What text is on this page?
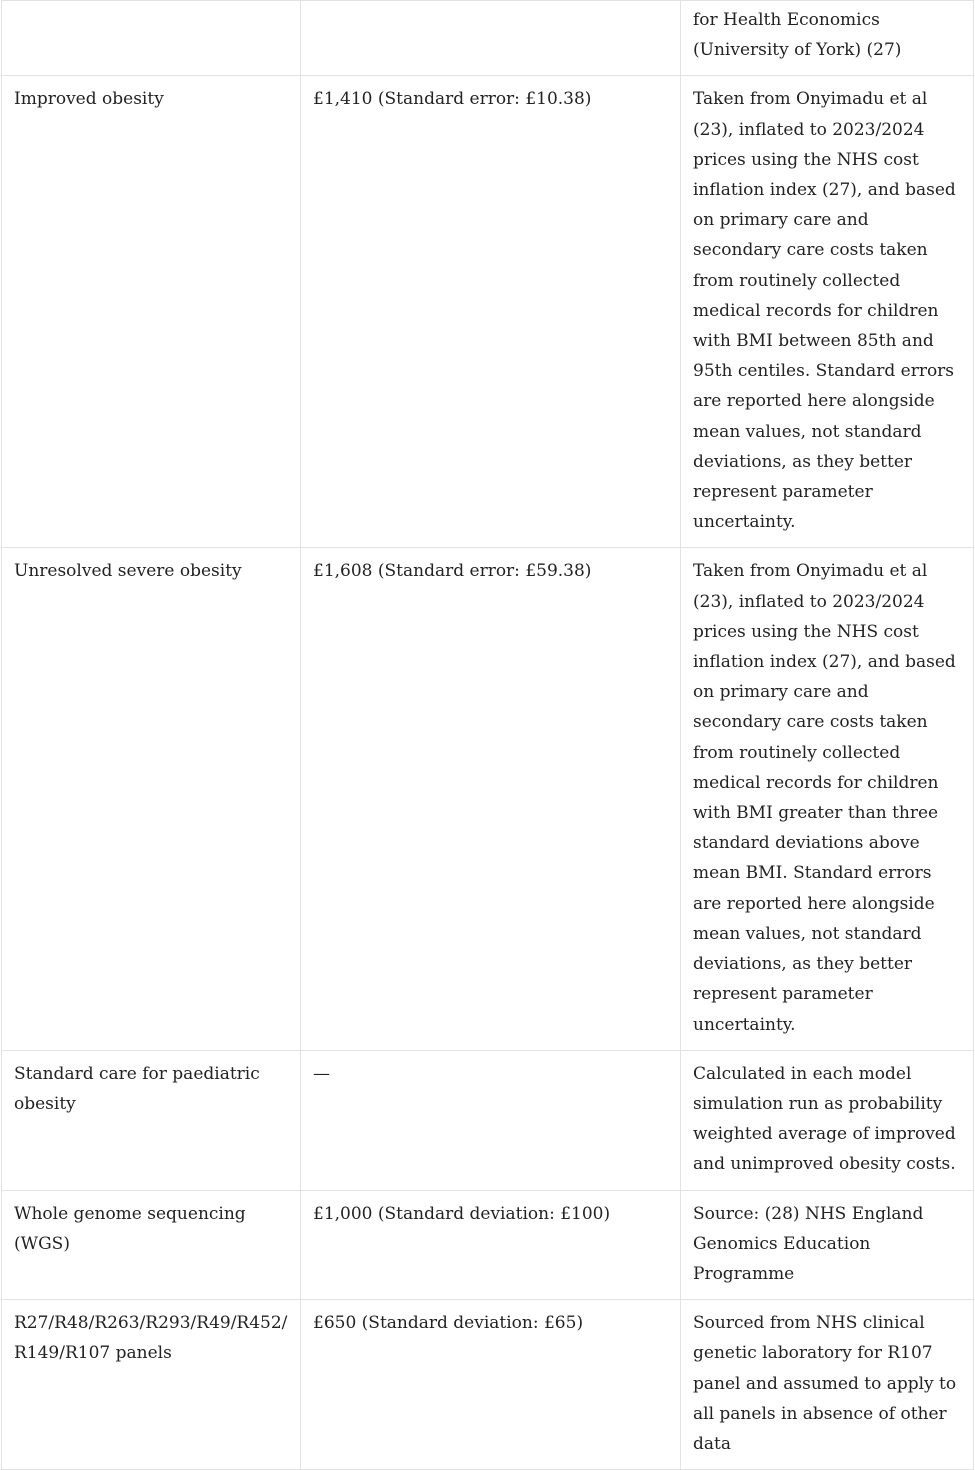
		for Health Economics (University of York) (27)
Improved obesity	£1,410 (Standard error: £10.38)	Taken from Onyimadu et al (23), inflated to 2023/2024 prices using the NHS cost inflation index (27), and based on primary care and secondary care costs taken from routinely collected medical records for children with BMI between 85th and 95th centiles. Standard errors are reported here alongside mean values, not standard deviations, as they better represent parameter uncertainty.
Unresolved severe obesity	£1,608 (Standard error: £59.38)	Taken from Onyimadu et al (23), inflated to 2023/2024 prices using the NHS cost inflation index (27), and based on primary care and secondary care costs taken from routinely collected medical records for children with BMI greater than three standard deviations above mean BMI. Standard errors are reported here alongside mean values, not standard deviations, as they better represent parameter uncertainty.
Standard care for paediatric obesity	—	Calculated in each model simulation run as probability weighted average of improved and unimproved obesity costs.
Whole genome sequencing (WGS)	£1,000 (Standard deviation: £100)	Source: (28) NHS England Genomics Education Programme
R27/R48/R263/R293/R49/R452/ R149/R107 panels	£650 (Standard deviation: £65)	Sourced from NHS clinical genetic laboratory for R107 panel and assumed to apply to all panels in absence of other data
